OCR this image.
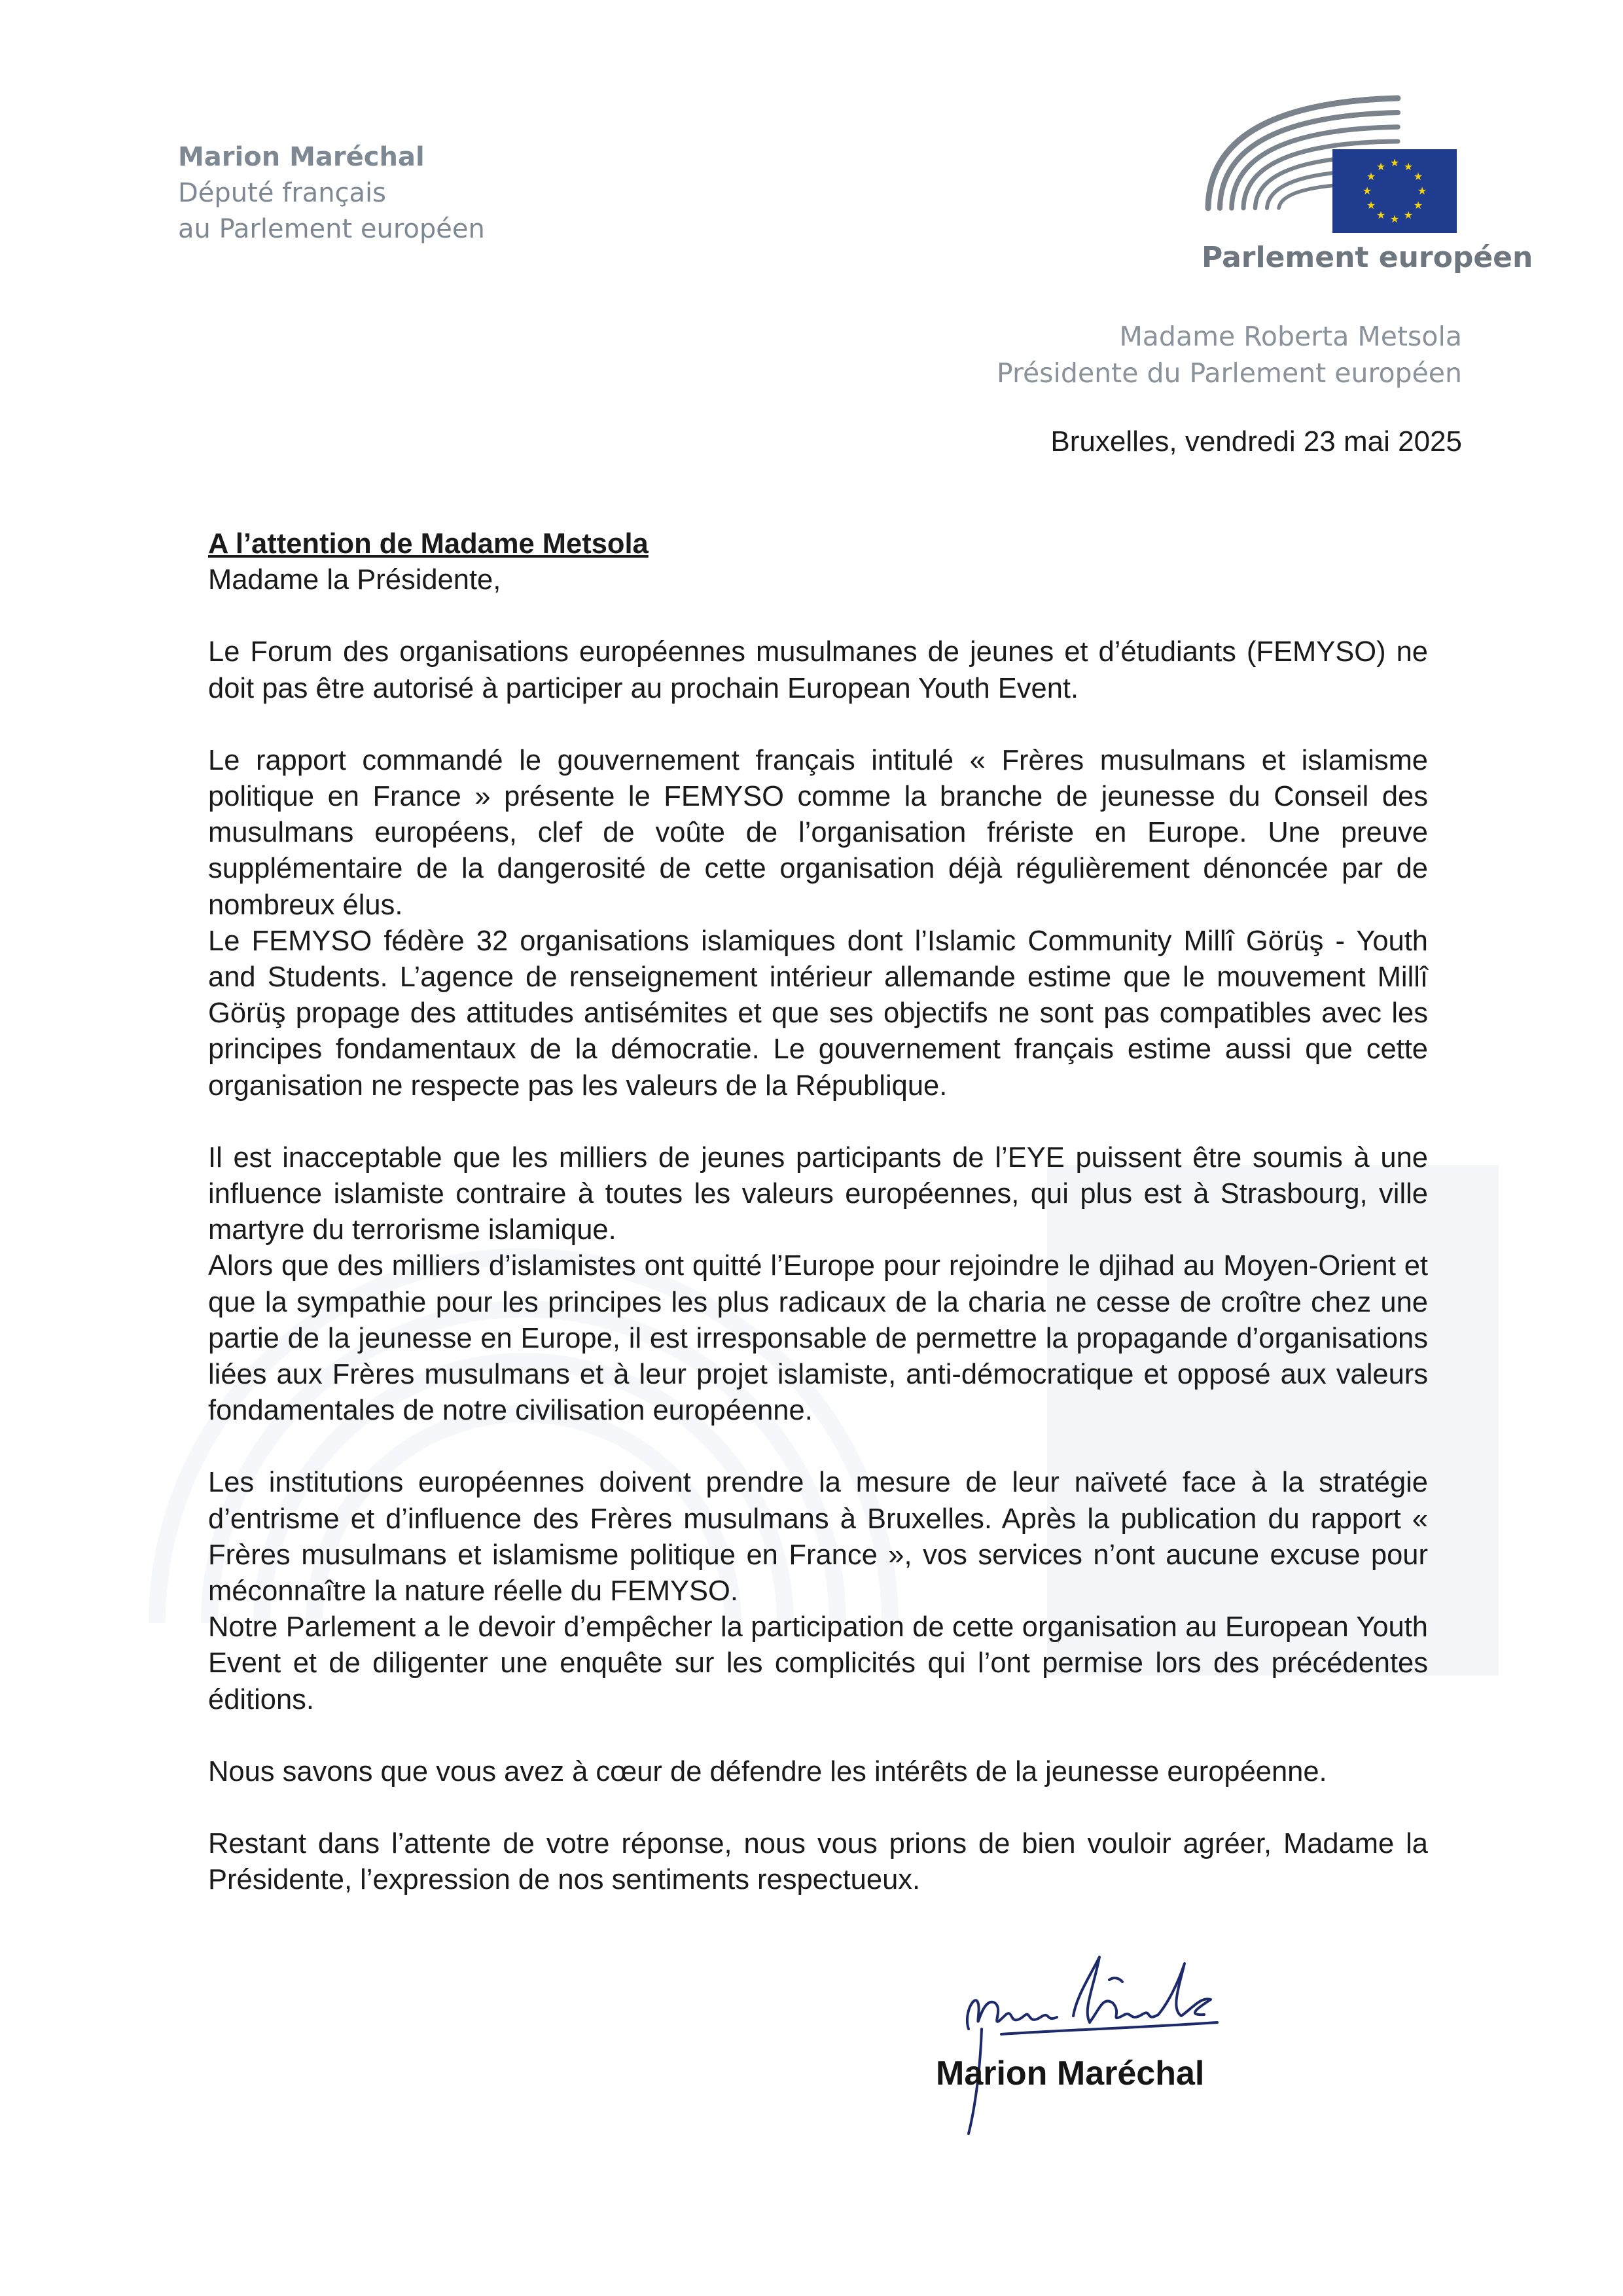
Marion Maréchal
Député français
au Parlement européen
★ ★
★
★
★
★
★
★
★
★
★
★
Parlement européen
Madame Roberta Metsola
Présidente du Parlement européen
Bruxelles, vendredi 23 mai 2025

A l’attention de Madame Metsola

Madame la Présidente,

Le Forum des organisations européennes musulmanes de jeunes et d’étudiants (FEMYSO) ne doit pas être autorisé à participer au prochain European Youth Event.

Le rapport commandé le gouvernement français intitulé « Frères musulmans et islamisme politique en France » présente le FEMYSO comme la branche de jeunesse du Conseil des musulmans européens, clef de voûte de l’organisation fréristе en Europe. Une preuve supplémentaire de la dangerosité de cette organisation déjà régulièrement dénoncée par de nombreux élus.

Le FEMYSO fédère 32 organisations islamiques dont l’Islamic Community Millî Görüş - Youth and Students. L’agence de renseignement intérieur allemande estime que le mouvement Millî Görüş propage des attitudes antisémites et que ses objectifs ne sont pas compatibles avec les principes fondamentaux de la démocratie. Le gouvernement français estime aussi que cette organisation ne respecte pas les valeurs de la République.

Il est inacceptable que les milliers de jeunes participants de l’EYE puissent être soumis à une influence islamiste contraire à toutes les valeurs européennes, qui plus est à Strasbourg, ville martyre du terrorisme islamique.

Alors que des milliers d’islamistes ont quitté l’Europe pour rejoindre le djihad au Moyen-Orient et que la sympathie pour les principes les plus radicaux de la charia ne cesse de croître chez une partie de la jeunesse en Europe, il est irresponsable de permettre la propagande d’organisations liées aux Frères musulmans et à leur projet islamiste, anti-démocratique et opposé aux valeurs fondamentales de notre civilisation européenne.

Les institutions européennes doivent prendre la mesure de leur naïveté face à la stratégie d’entrisme et d’influence des Frères musulmans à Bruxelles. Après la publication du rapport « Frères musulmans et islamisme politique en France », vos services n’ont aucune excuse pour méconnaître la nature réelle du FEMYSO.

Notre Parlement a le devoir d’empêcher la participation de cette organisation au European Youth Event et de diligenter une enquête sur les complicités qui l’ont permise lors des précédentes éditions.

Nous savons que vous avez à cœur de défendre les intérêts de la jeunesse européenne.

Restant dans l’attente de votre réponse, nous vous prions de bien vouloir agréer, Madame la Présidente, l’expression de nos sentiments respectueux.

Marion Maréchal
